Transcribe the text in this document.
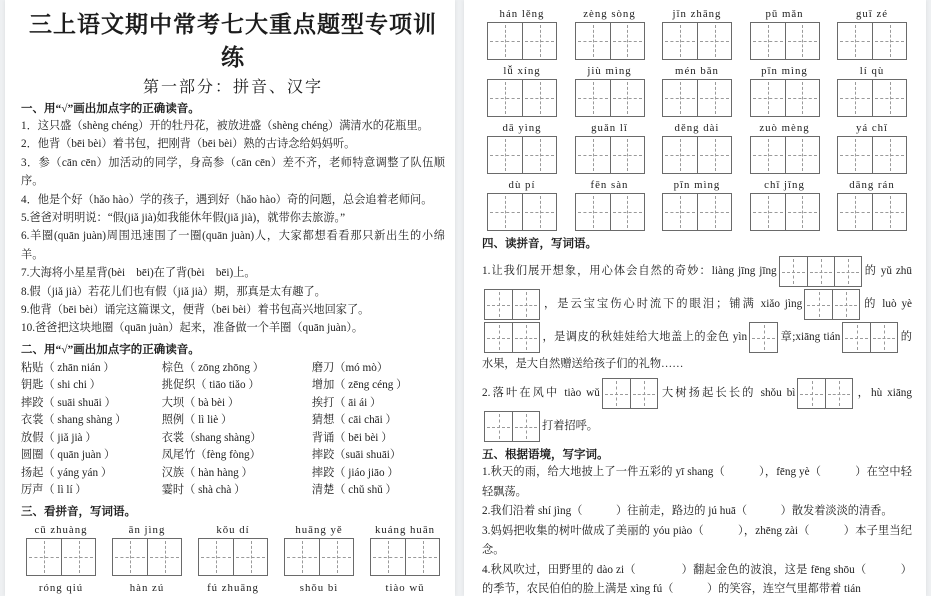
三上语文期中常考七大重点题型专项训练
第一部分：拼音、汉字
一、用“√”画出加点字的正确读音。
1．这只盛（shèng chéng）开的牡丹花，被放进盛（shèng chéng）满清水的花瓶里。
2．他背（bēi bèi）着书包，把刚背（bēi bèi）熟的古诗念给妈妈听。
3．参（cān cēn）加活动的同学，身高参（cān cēn）差不齐，老师特意调整了队伍顺序。
4．他是个好（hǎo hào）学的孩子，遇到好（hǎo hào）奇的问题，总会追着老师问。
5.爸爸对明明说：“假(jiǎ jià)如我能休年假(jiǎ jià)，就带你去旅游。”
6.羊圈(quān juàn)周围迅速围了一圈(quān juàn)人，大家都想看看那只新出生的小绵羊。
7.大海将小星星背(bèi　bēi)在了背(bèi　bēi)上。
8.假（jiǎ jià）若花儿们也有假（jiǎ jià）期，那真是太有趣了。
9.他背（bēi bèi）诵完这篇课文，便背（bēi bèi）着书包高兴地回家了。
10.爸爸把这块地圈（quān juàn）起来，准备做一个羊圈（quān juàn）。
二、用“√”画出加点字的正确读音。
粘贴（ zhān nián ）	棕色（ zōng zhōng ）	磨刀（mó mò）
钥匙（ shi chi ）	挑促织（ tiāo tiǎo ）	增加（ zēng céng ）
摔跤（ suāi shuāi ）	大坝（ bà bèi ）	挨打（ āi ái ）
衣裳（ shang shàng ）	照例（ lì liè ）	猜想（ cāi chāi ）
放假（ jiǎ jià ）	衣裳（shang shàng）	背诵（ bēi bèi ）
圆圈（ quān juàn ）	凤尾竹（fèng fòng）	摔跤（suāi shuāi）
扬起（ yáng yán ）	汉族（ hàn hàng ）	摔跤（ jiáo jiāo ）
厉声（ lì lí ）	霎时（ shà chà ）	清楚（ chǔ shǔ ）
三、看拼音，写词语。
cū zhuàng	ān jìng	kǒu dí	huāng yě	kuáng huān
róng qiú	hàn zú	fú zhuāng	shǒu bì	tiào wǔ
hán lěng	zèng sòng	jǐn zhāng	pū mǎn	guī zé
lǚ xíng	jiù mìng	mén bǎn	pīn mìng	lí qù
dā yìng	guǎn lǐ	děng dài	zuò mèng	yá chǐ
dù pí	fēn sàn	pīn mìng	chī jīng	dāng rán
四、读拼音，写词语。
1.让我们展开想象，用心体会自然的奇妙：liàng jīng jīng	的 yǔ zhū
，是云宝宝伤心时流下的眼泪；铺满 xiǎo jìng	的 luò yè
，是调皮的秋娃娃给大地盖上的金色 yìn	章;xiāng tián	的水果，是大自然赠送给孩子们的礼物……
2.落叶在风中 tiào wǔ	大树扬起长长的 shǒu bì	，hù xiāng
打着招呼。
五、根据语境，写字词。
1.秋天的雨，给大地披上了一件五彩的 yī shang（　　　），fēng yè（　　　）在空中轻轻飘荡。
2.我们沿着 shí jìng（　　　）往前走，路边的 jú huā（　　　）散发着淡淡的清香。
3.妈妈把收集的树叶做成了美丽的 yóu piào（　　　），zhēng zài（　　　）本子里当纪念。
4.秋风吹过，田野里的 dào zi（　　　　）翻起金色的波浪，这是 fēng shōu（　　　）的季节，农民伯伯的脸上满是 xìng fú（　　　）的笑容，连空气里都带着 tián
